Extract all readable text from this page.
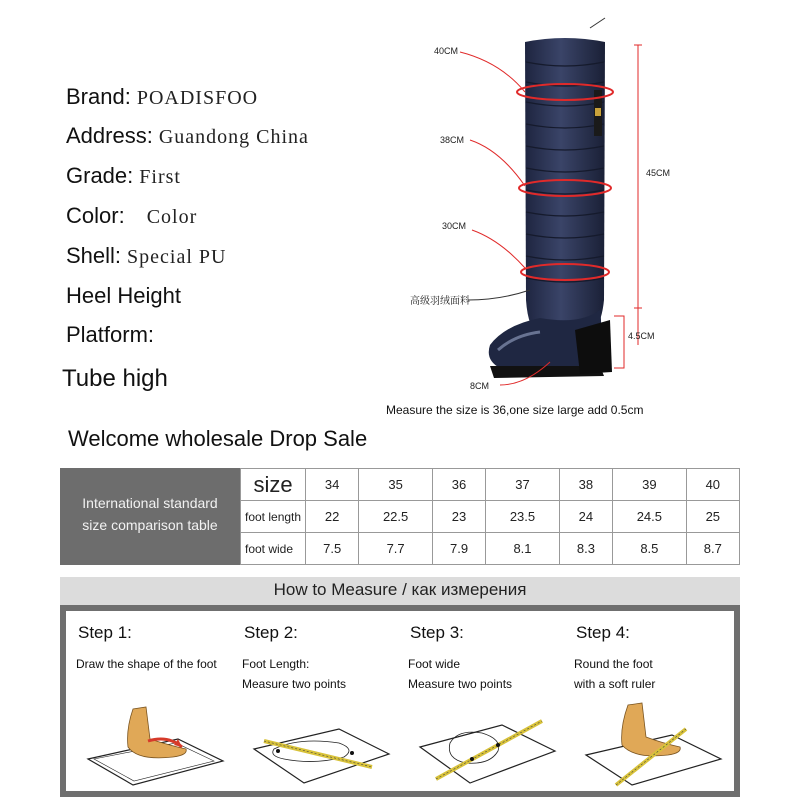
Brand: POADISFOO
Address: Guandong China
Grade: First
Color: Color
Shell: Special PU
Heel Height
Platform:
Tube high
40CM
38CM
30CM
45CM
高级羽绒面料
4.5CM
8CM
Measure the size is 36,one size large add 0.5cm
Welcome wholesale Drop Sale
International standard
size comparison table
size	34	35	36	37	38	39	40
foot length	22	22.5	23	23.5	24	24.5	25
foot wide	7.5	7.7	7.9	8.1	8.3	8.5	8.7
How to Measure / как измерения
Step 1:
Draw the shape of the foot
Step 2:
Foot Length:
Measure two points
Step 3:
Foot wide
Measure two points
Step 4:
Round the foot
with a soft ruler
